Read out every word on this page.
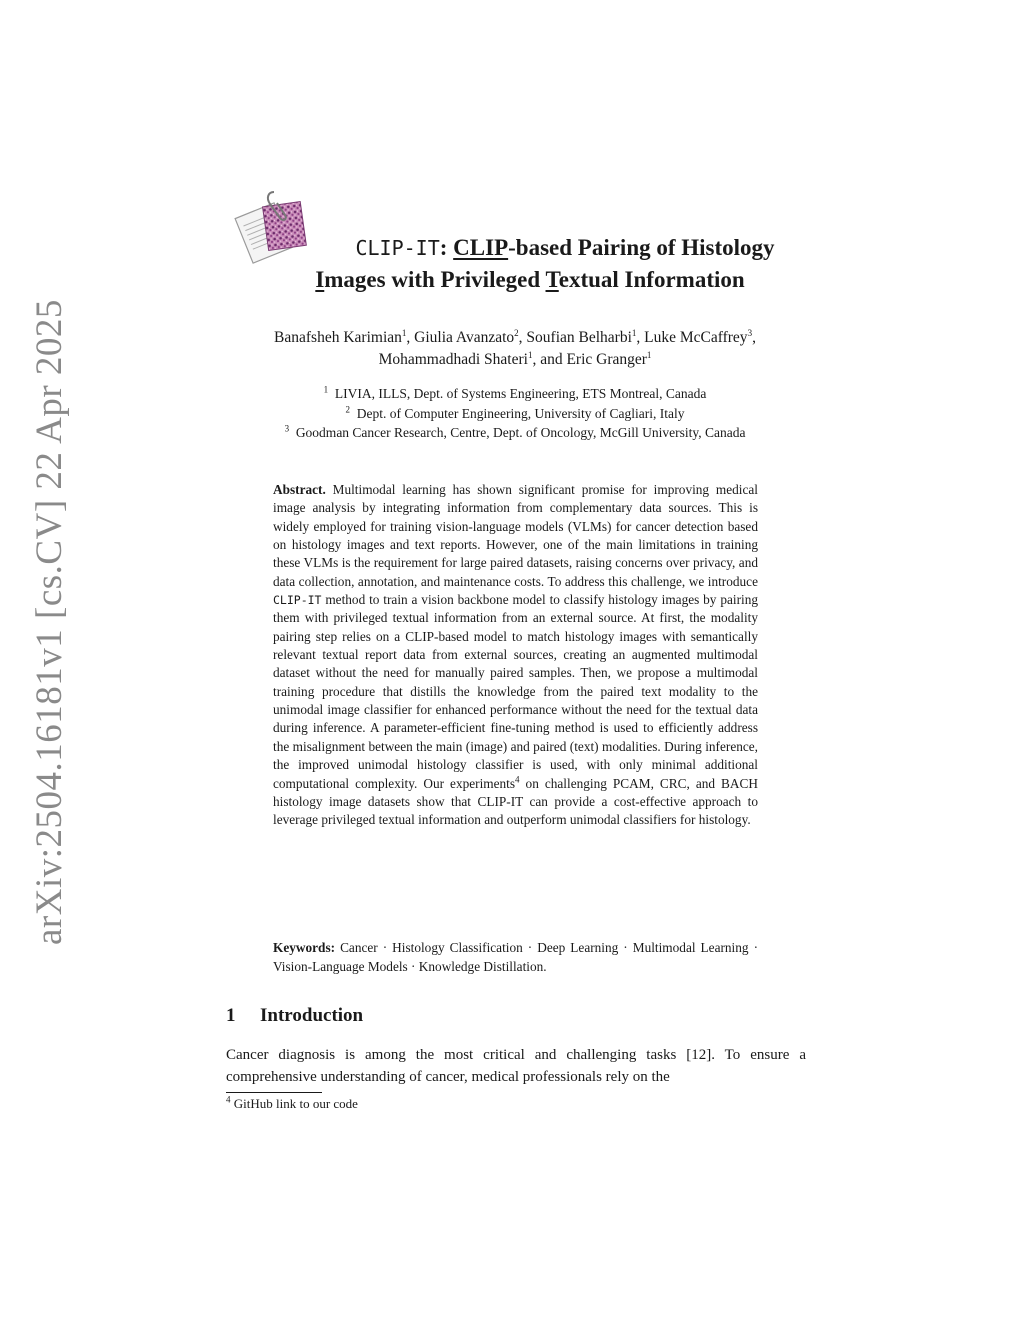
arXiv:2504.16181v1 [cs.CV] 22 Apr 2025
CLIP-IT: CLIP-based Pairing of Histology
Images with Privileged Textual Information
Banafsheh Karimian$^1$, Giulia Avanzato$^2$, Soufian Belharbi$^1$, Luke McCaffrey$^3$,
Mohammadhadi Shateri$^1$, and Eric Granger$^1$
$^1$ LIVIA, ILLS, Dept. of Systems Engineering, ETS Montreal, Canada
$^2$ Dept. of Computer Engineering, University of Cagliari, Italy
$^3$ Goodman Cancer Research, Centre, Dept. of Oncology, McGill University, Canada
Abstract. Multimodal learning has shown significant promise for improving medical image analysis by integrating information from complementary data sources. This is widely employed for training vision-language models (VLMs) for cancer detection based on histology images and text reports. However, one of the main limitations in training these VLMs is the requirement for large paired datasets, raising concerns over privacy, and data collection, annotation, and maintenance costs. To address this challenge, we introduce CLIP-IT method to train a vision backbone model to classify histology images by pairing them with privileged textual information from an external source. At first, the modality pairing step relies on a CLIP-based model to match histology images with semantically relevant textual report data from external sources, creating an augmented multimodal dataset without the need for manually paired samples. Then, we propose a multimodal training procedure that distills the knowledge from the paired text modality to the unimodal image classifier for enhanced performance without the need for the textual data during inference. A parameter-efficient fine-tuning method is used to efficiently address the misalignment between the main (image) and paired (text) modalities. During inference, the improved unimodal histology classifier is used, with only minimal additional computational complexity. Our experiments$^4$ on challenging PCAM, CRC, and BACH histology image datasets show that CLIP-IT can provide a cost-effective approach to leverage privileged textual information and outperform unimodal classifiers for histology.
Keywords: Cancer · Histology Classification · Deep Learning · Multimodal Learning · Vision-Language Models · Knowledge Distillation.
1 Introduction
Cancer diagnosis is among the most critical and challenging tasks [12]. To ensure a comprehensive understanding of cancer, medical professionals rely on the
$^4$ GitHub link to our code
